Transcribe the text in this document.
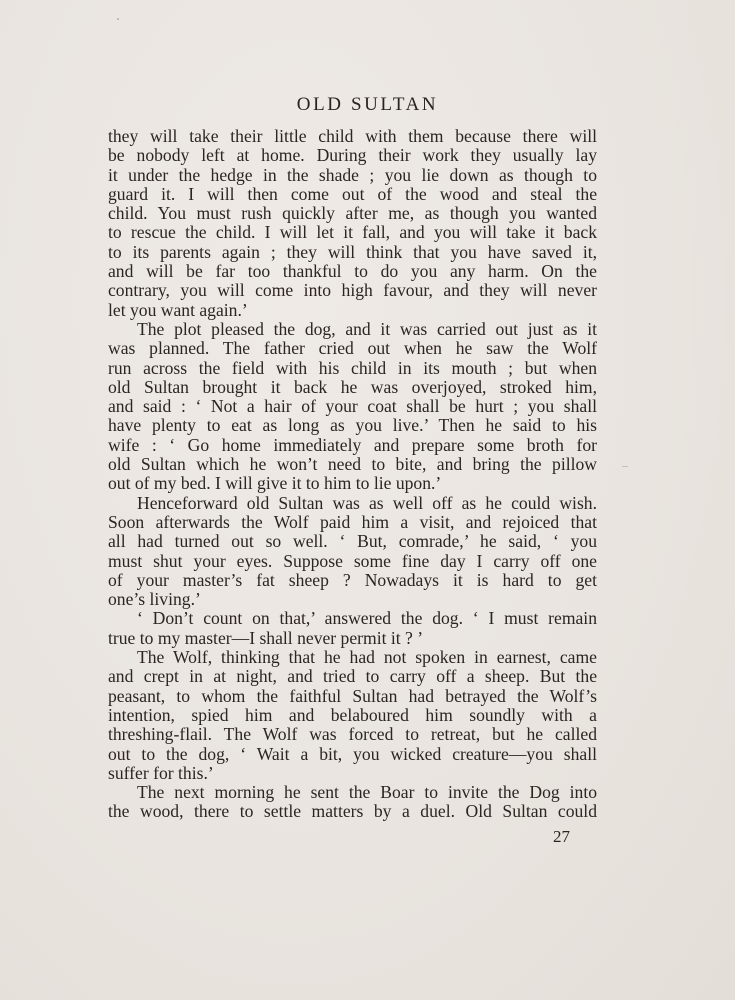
OLD SULTAN
they will take their little child with them because there will
be nobody left at home. During their work they usually lay
it under the hedge in the shade ; you lie down as though to
guard it. I will then come out of the wood and steal the
child. You must rush quickly after me, as though you wanted
to rescue the child. I will let it fall, and you will take it back
to its parents again ; they will think that you have saved it,
and will be far too thankful to do you any harm. On the
contrary, you will come into high favour, and they will never
let you want again.’
The plot pleased the dog, and it was carried out just as it
was planned. The father cried out when he saw the Wolf
run across the field with his child in its mouth ; but when
old Sultan brought it back he was overjoyed, stroked him,
and said : ‘ Not a hair of your coat shall be hurt ; you shall
have plenty to eat as long as you live.’ Then he said to his
wife : ‘ Go home immediately and prepare some broth for
old Sultan which he won’t need to bite, and bring the pillow
out of my bed. I will give it to him to lie upon.’
Henceforward old Sultan was as well off as he could wish.
Soon afterwards the Wolf paid him a visit, and rejoiced that
all had turned out so well. ‘ But, comrade,’ he said, ‘ you
must shut your eyes. Suppose some fine day I carry off one
of your master’s fat sheep ? Nowadays it is hard to get
one’s living.’
‘ Don’t count on that,’ answered the dog. ‘ I must remain
true to my master—I shall never permit it ? ’
The Wolf, thinking that he had not spoken in earnest, came
and crept in at night, and tried to carry off a sheep. But the
peasant, to whom the faithful Sultan had betrayed the Wolf’s
intention, spied him and belaboured him soundly with a
threshing-flail. The Wolf was forced to retreat, but he called
out to the dog, ‘ Wait a bit, you wicked creature—you shall
suffer for this.’
The next morning he sent the Boar to invite the Dog into
the wood, there to settle matters by a duel. Old Sultan could
27
